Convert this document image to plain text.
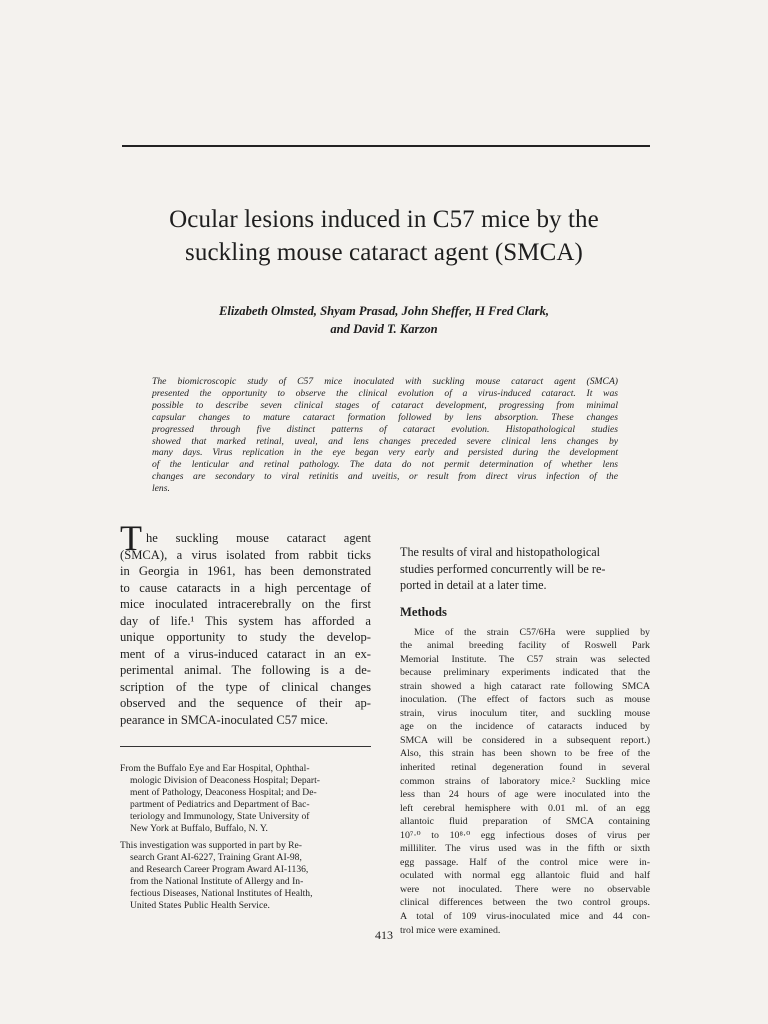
Ocular lesions induced in C57 mice by the
suckling mouse cataract agent (SMCA)

Elizabeth Olmsted, Shyam Prasad, John Sheffer, H Fred Clark,
and David T. Karzon

The biomicroscopic study of C57 mice inoculated with suckling mouse cataract agent (SMCA)
presented the opportunity to observe the clinical evolution of a virus-induced cataract. It was
possible to describe seven clinical stages of cataract development, progressing from minimal
capsular changes to mature cataract formation followed by lens absorption. These changes
progressed through five distinct patterns of cataract evolution. Histopathological studies
showed that marked retinal, uveal, and lens changes preceded severe clinical lens changes by
many days. Virus replication in the eye began very early and persisted during the development
of the lenticular and retinal pathology. The data do not permit determination of whether lens
changes are secondary to viral retinitis and uveitis, or result from direct virus infection of the
lens.

T he suckling mouse cataract agent
(SMCA), a virus isolated from rabbit ticks
in Georgia in 1961, has been demonstrated
to cause cataracts in a high percentage of
mice inoculated intracerebrally on the first
day of life.¹ This system has afforded a
unique opportunity to study the develop-
ment of a virus-induced cataract in an ex-
perimental animal. The following is a de-
scription of the type of clinical changes
observed and the sequence of their ap-
pearance in SMCA-inoculated C57 mice.

From the Buffalo Eye and Ear Hospital, Ophthal-
mologic Division of Deaconess Hospital; Depart-
ment of Pathology, Deaconess Hospital; and De-
partment of Pediatrics and Department of Bac-
teriology and Immunology, State University of
New York at Buffalo, Buffalo, N. Y.
This investigation was supported in part by Re-
search Grant AI-6227, Training Grant AI-98,
and Research Career Program Award AI-1136,
from the National Institute of Allergy and In-
fectious Diseases, National Institutes of Health,
United States Public Health Service.

The results of viral and histopathological
studies performed concurrently will be re-
ported in detail at a later time.

Methods

Mice of the strain C57/6Ha were supplied by
the animal breeding facility of Roswell Park
Memorial Institute. The C57 strain was selected
because preliminary experiments indicated that the
strain showed a high cataract rate following SMCA
inoculation. (The effect of factors such as mouse
strain, virus inoculum titer, and suckling mouse
age on the incidence of cataracts induced by
SMCA will be considered in a subsequent report.)
Also, this strain has been shown to be free of the
inherited retinal degeneration found in several
common strains of laboratory mice.² Suckling mice
less than 24 hours of age were inoculated into the
left cerebral hemisphere with 0.01 ml. of an egg
allantoic fluid preparation of SMCA containing
10⁷·⁰ to 10⁸·⁰ egg infectious doses of virus per
milliliter. The virus used was in the fifth or sixth
egg passage. Half of the control mice were in-
oculated with normal egg allantoic fluid and half
were not inoculated. There were no observable
clinical differences between the two control groups.
A total of 109 virus-inoculated mice and 44 con-
trol mice were examined.

413
